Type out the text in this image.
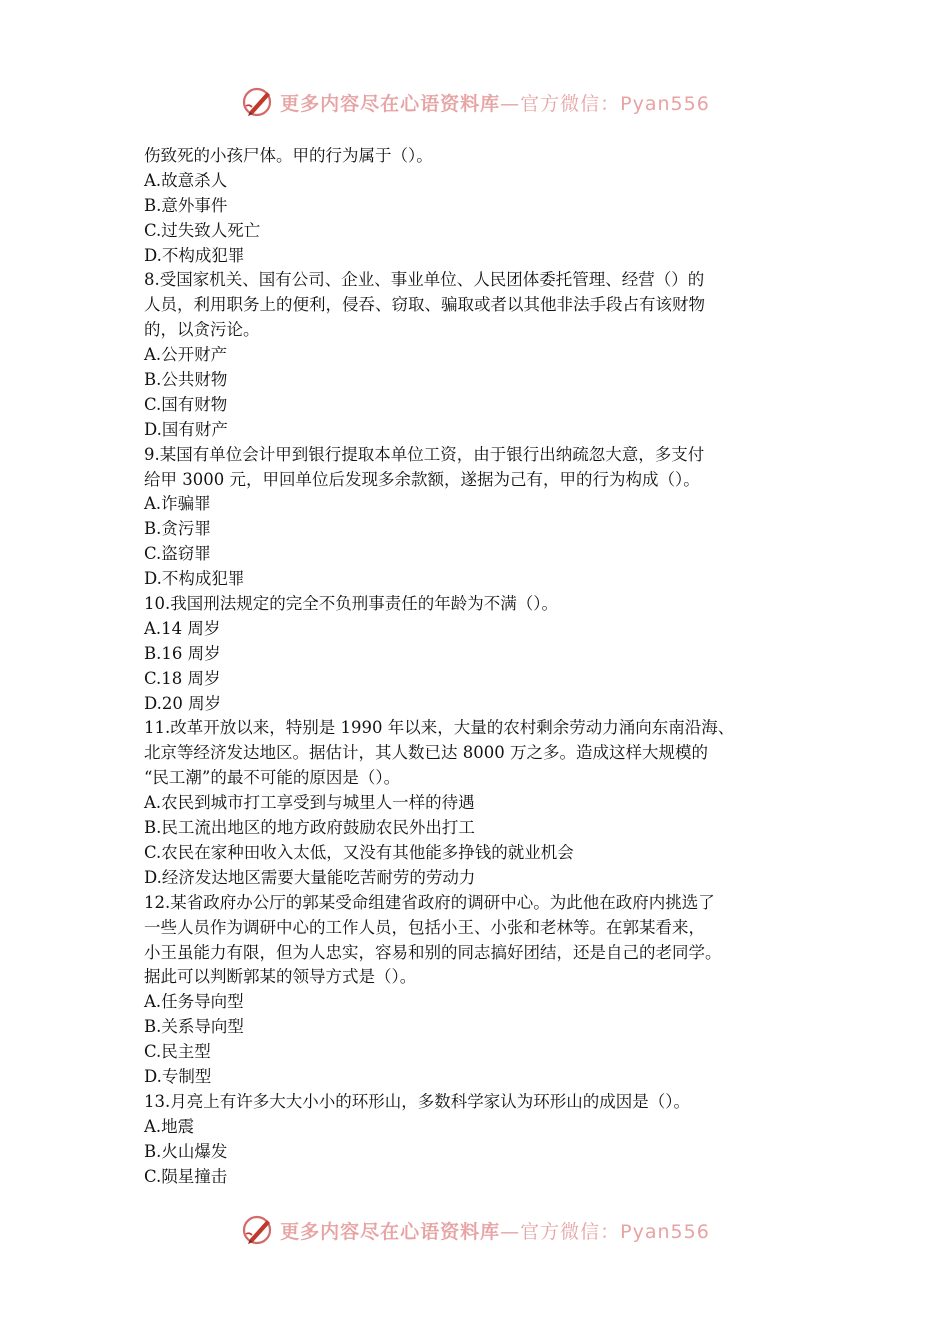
更多内容尽在心语资料库—官方微信：Pyan556
伤致死的小孩尸体。甲的行为属于（）。
A.故意杀人
B.意外事件
C.过失致人死亡
D.不构成犯罪
8.受国家机关、国有公司、企业、事业单位、人民团体委托管理、经营（）的
人员，利用职务上的便利，侵吞、窃取、骗取或者以其他非法手段占有该财物
的，以贪污论。
A.公开财产
B.公共财物
C.国有财物
D.国有财产
9.某国有单位会计甲到银行提取本单位工资，由于银行出纳疏忽大意，多支付
给甲 3000 元，甲回单位后发现多余款额，遂据为己有，甲的行为构成（）。
A.诈骗罪
B.贪污罪
C.盗窃罪
D.不构成犯罪
10.我国刑法规定的完全不负刑事责任的年龄为不满（）。
A.14 周岁
B.16 周岁
C.18 周岁
D.20 周岁
11.改革开放以来，特别是 1990 年以来，大量的农村剩余劳动力涌向东南沿海、
北京等经济发达地区。据估计，其人数已达 8000 万之多。造成这样大规模的
“民工潮”的最不可能的原因是（）。
A.农民到城市打工享受到与城里人一样的待遇
B.民工流出地区的地方政府鼓励农民外出打工
C.农民在家种田收入太低，又没有其他能多挣钱的就业机会
D.经济发达地区需要大量能吃苦耐劳的劳动力
12.某省政府办公厅的郭某受命组建省政府的调研中心。为此他在政府内挑选了
一些人员作为调研中心的工作人员，包括小王、小张和老林等。在郭某看来，
小王虽能力有限，但为人忠实，容易和别的同志搞好团结，还是自己的老同学。
据此可以判断郭某的领导方式是（）。
A.任务导向型
B.关系导向型
C.民主型
D.专制型
13.月亮上有许多大大小小的环形山，多数科学家认为环形山的成因是（）。
A.地震
B.火山爆发
C.陨星撞击
更多内容尽在心语资料库—官方微信：Pyan556
